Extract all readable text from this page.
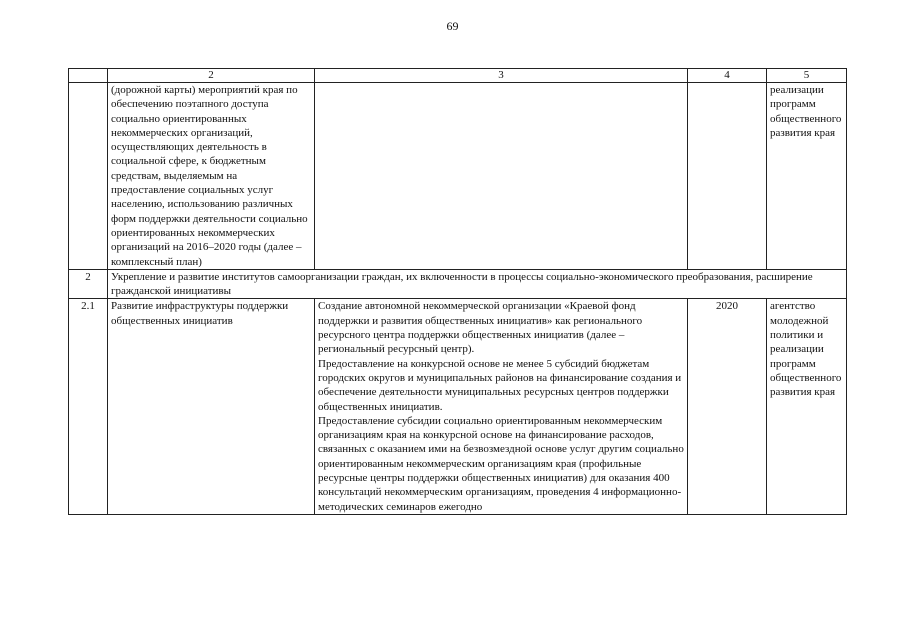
69
	2	3	4	5
	(дорожной карты) мероприятий края по обеспечению поэтапного доступа социально ориентированных некоммерческих организаций, осуществляющих деятельность в социальной сфере, к бюджетным средствам, выделяемым на предоставление социальных услуг населению, использованию различных форм поддержки деятельности социально ориентированных некоммерческих организаций на 2016–2020 годы (далее – комплексный план)			реализации программ общественного развития края
2	Укрепление и развитие институтов самоорганизации граждан, их включенности в процессы социально-экономического преобразования, расширение гражданской инициативы			
2.1	Развитие инфраструктуры поддержки общественных инициатив	Создание автономной некоммерческой организации «Краевой фонд поддержки и развития общественных инициатив» как регионального ресурсного центра поддержки общественных инициатив (далее – региональный ресурсный центр).
Предоставление на конкурсной основе не менее 5 субсидий бюджетам городских округов и муниципальных районов на финансирование создания и обеспечение деятельности муниципальных ресурсных центров поддержки общественных инициатив.
Предоставление субсидии социально ориентированным некоммерческим организациям края на конкурсной основе на финансирование расходов, связанных с оказанием ими на безвозмездной основе услуг другим социально ориентированным некоммерческим организациям края (профильные ресурсные центры поддержки общественных инициатив) для оказания 400 консультаций некоммерческим организациям, проведения 4 информационно-методических семинаров ежегодно	2020	агентство молодежной политики и реализации программ общественного развития края
